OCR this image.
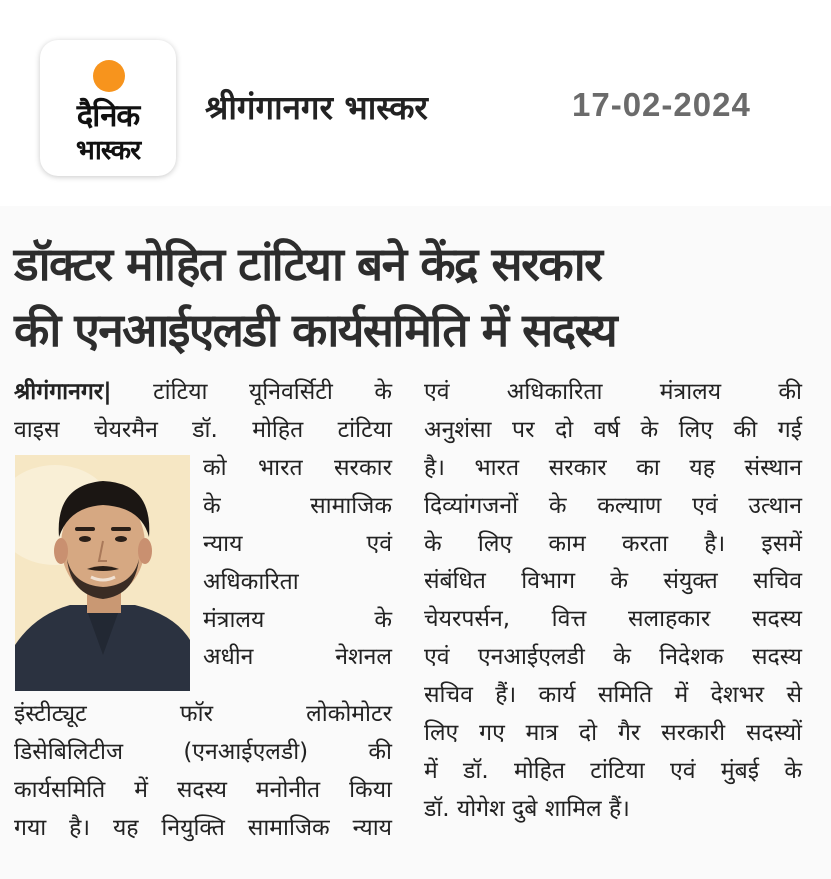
दैनिक
भास्कर
श्रीगंगानगर भास्कर	17-02-2024
डॉक्टर मोहित टांटिया बने केंद्र सरकार
की एनआईएलडी कार्यसमिति में सदस्य
श्रीगंगानगर| टांटिया यूनिवर्सिटी के
वाइस चेयरमैन डॉ. मोहित टांटिया
को भारत सरकार
के सामाजिक
न्याय एवं
अधिकारिता
मंत्रालय के
अधीन नेशनल
इंस्टीट्यूट फॉर लोकोमोटर
डिसेबिलिटीज (एनआईएलडी) की
कार्यसमिति में सदस्य मनोनीत किया
गया है। यह नियुक्ति सामाजिक न्याय
एवं अधिकारिता मंत्रालय की
अनुशंसा पर दो वर्ष के लिए की गई
है। भारत सरकार का यह संस्थान
दिव्यांगजनों के कल्याण एवं उत्थान
के लिए काम करता है। इसमें
संबंधित विभाग के संयुक्त सचिव
चेयरपर्सन, वित्त सलाहकार सदस्य
एवं एनआईएलडी के निदेशक सदस्य
सचिव हैं। कार्य समिति में देशभर से
लिए गए मात्र दो गैर सरकारी सदस्यों
में डॉ. मोहित टांटिया एवं मुंबई के
डॉ. योगेश दुबे शामिल हैं।
